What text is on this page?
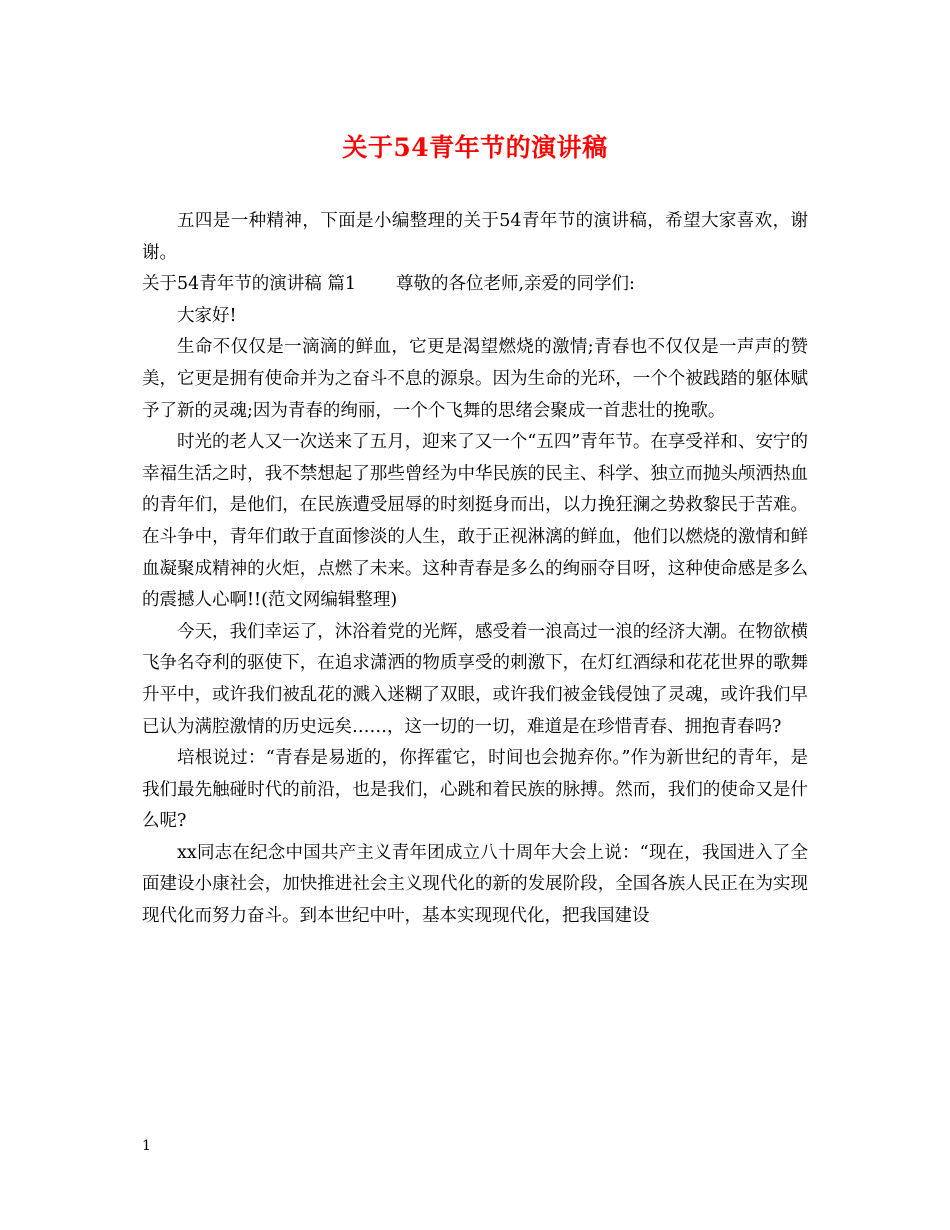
关于54青年节的演讲稿

五四是一种精神，下面是小编整理的关于54青年节的演讲稿，希望大家喜欢，谢谢。

关于54青年节的演讲稿 篇1 尊敬的各位老师,亲爱的同学们:

大家好!

生命不仅仅是一滴滴的鲜血，它更是渴望燃烧的激情;青春也不仅仅是一声声的赞美，它更是拥有使命并为之奋斗不息的源泉。因为生命的光环，一个个被践踏的躯体赋予了新的灵魂;因为青春的绚丽，一个个飞舞的思绪会聚成一首悲壮的挽歌。

时光的老人又一次送来了五月，迎来了又一个“五四”青年节。在享受祥和、安宁的幸福生活之时，我不禁想起了那些曾经为中华民族的民主、科学、独立而抛头颅洒热血的青年们，是他们，在民族遭受屈辱的时刻挺身而出，以力挽狂澜之势救黎民于苦难。在斗争中，青年们敢于直面惨淡的人生，敢于正视淋漓的鲜血，他们以燃烧的激情和鲜血凝聚成精神的火炬，点燃了未来。这种青春是多么的绚丽夺目呀，这种使命感是多么的震撼人心啊!!(范文网编辑整理)

今天，我们幸运了，沐浴着党的光辉，感受着一浪高过一浪的经济大潮。在物欲横飞争名夺利的驱使下，在追求潇洒的物质享受的刺激下，在灯红酒绿和花花世界的歌舞升平中，或许我们被乱花的溅入迷糊了双眼，或许我们被金钱侵蚀了灵魂，或许我们早已认为满腔激情的历史远矣……，这一切的一切，难道是在珍惜青春、拥抱青春吗?

培根说过：“青春是易逝的，你挥霍它，时间也会抛弃你。”作为新世纪的青年，是我们最先触碰时代的前沿，也是我们，心跳和着民族的脉搏。然而，我们的使命又是什么呢?

xx同志在纪念中国共产主义青年团成立八十周年大会上说：“现在，我国进入了全面建设小康社会，加快推进社会主义现代化的新的发展阶段，全国各族人民正在为实现现代化而努力奋斗。到本世纪中叶，基本实现现代化，把我国建设

1
